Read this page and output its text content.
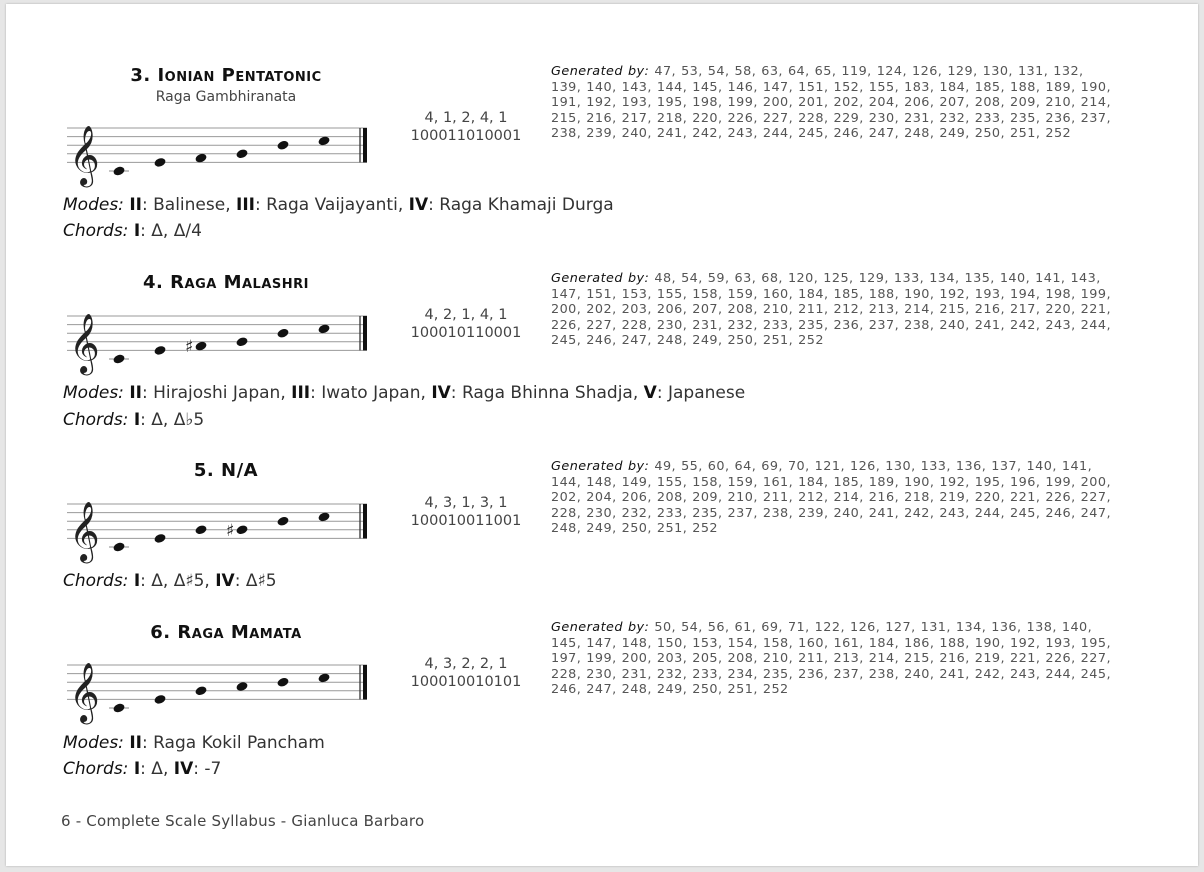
3. Ionian Pentatonic
Raga Gambhiranata
𝄞
4, 1, 2, 4, 1
100011010001
Generated by: 47, 53, 54, 58, 63, 64, 65, 119, 124, 126, 129, 130, 131, 132, 139, 140, 143, 144, 145, 146, 147, 151, 152, 155, 183, 184, 185, 188, 189, 190, 191, 192, 193, 195, 198, 199, 200, 201, 202, 204, 206, 207, 208, 209, 210, 214, 215, 216, 217, 218, 220, 226, 227, 228, 229, 230, 231, 232, 233, 235, 236, 237, 238, 239, 240, 241, 242, 243, 244, 245, 246, 247, 248, 249, 250, 251, 252
Modes: II: Balinese, III: Raga Vaijayanti, IV: Raga Khamaji Durga
Chords: I: Δ, Δ/4
4. Raga Malashri
𝄞	♯
4, 2, 1, 4, 1
100010110001
Generated by: 48, 54, 59, 63, 68, 120, 125, 129, 133, 134, 135, 140, 141, 143, 147, 151, 153, 155, 158, 159, 160, 184, 185, 188, 190, 192, 193, 194, 198, 199, 200, 202, 203, 206, 207, 208, 210, 211, 212, 213, 214, 215, 216, 217, 220, 221, 226, 227, 228, 230, 231, 232, 233, 235, 236, 237, 238, 240, 241, 242, 243, 244, 245, 246, 247, 248, 249, 250, 251, 252
Modes: II: Hirajoshi Japan, III: Iwato Japan, IV: Raga Bhinna Shadja, V: Japanese
Chords: I: Δ, Δ♭5
5. N/A
𝄞	♯
4, 3, 1, 3, 1
100010011001
Generated by: 49, 55, 60, 64, 69, 70, 121, 126, 130, 133, 136, 137, 140, 141, 144, 148, 149, 155, 158, 159, 161, 184, 185, 189, 190, 192, 195, 196, 199, 200, 202, 204, 206, 208, 209, 210, 211, 212, 214, 216, 218, 219, 220, 221, 226, 227, 228, 230, 232, 233, 235, 237, 238, 239, 240, 241, 242, 243, 244, 245, 246, 247, 248, 249, 250, 251, 252
Chords: I: Δ, Δ♯5, IV: Δ♯5
6. Raga Mamata
𝄞	4, 3, 2, 2, 1
100010010101
Generated by: 50, 54, 56, 61, 69, 71, 122, 126, 127, 131, 134, 136, 138, 140, 145, 147, 148, 150, 153, 154, 158, 160, 161, 184, 186, 188, 190, 192, 193, 195, 197, 199, 200, 203, 205, 208, 210, 211, 213, 214, 215, 216, 219, 221, 226, 227, 228, 230, 231, 232, 233, 234, 235, 236, 237, 238, 240, 241, 242, 243, 244, 245, 246, 247, 248, 249, 250, 251, 252
Modes: II: Raga Kokil Pancham
Chords: I: Δ, IV: -7
6 - Complete Scale Syllabus - Gianluca Barbaro
